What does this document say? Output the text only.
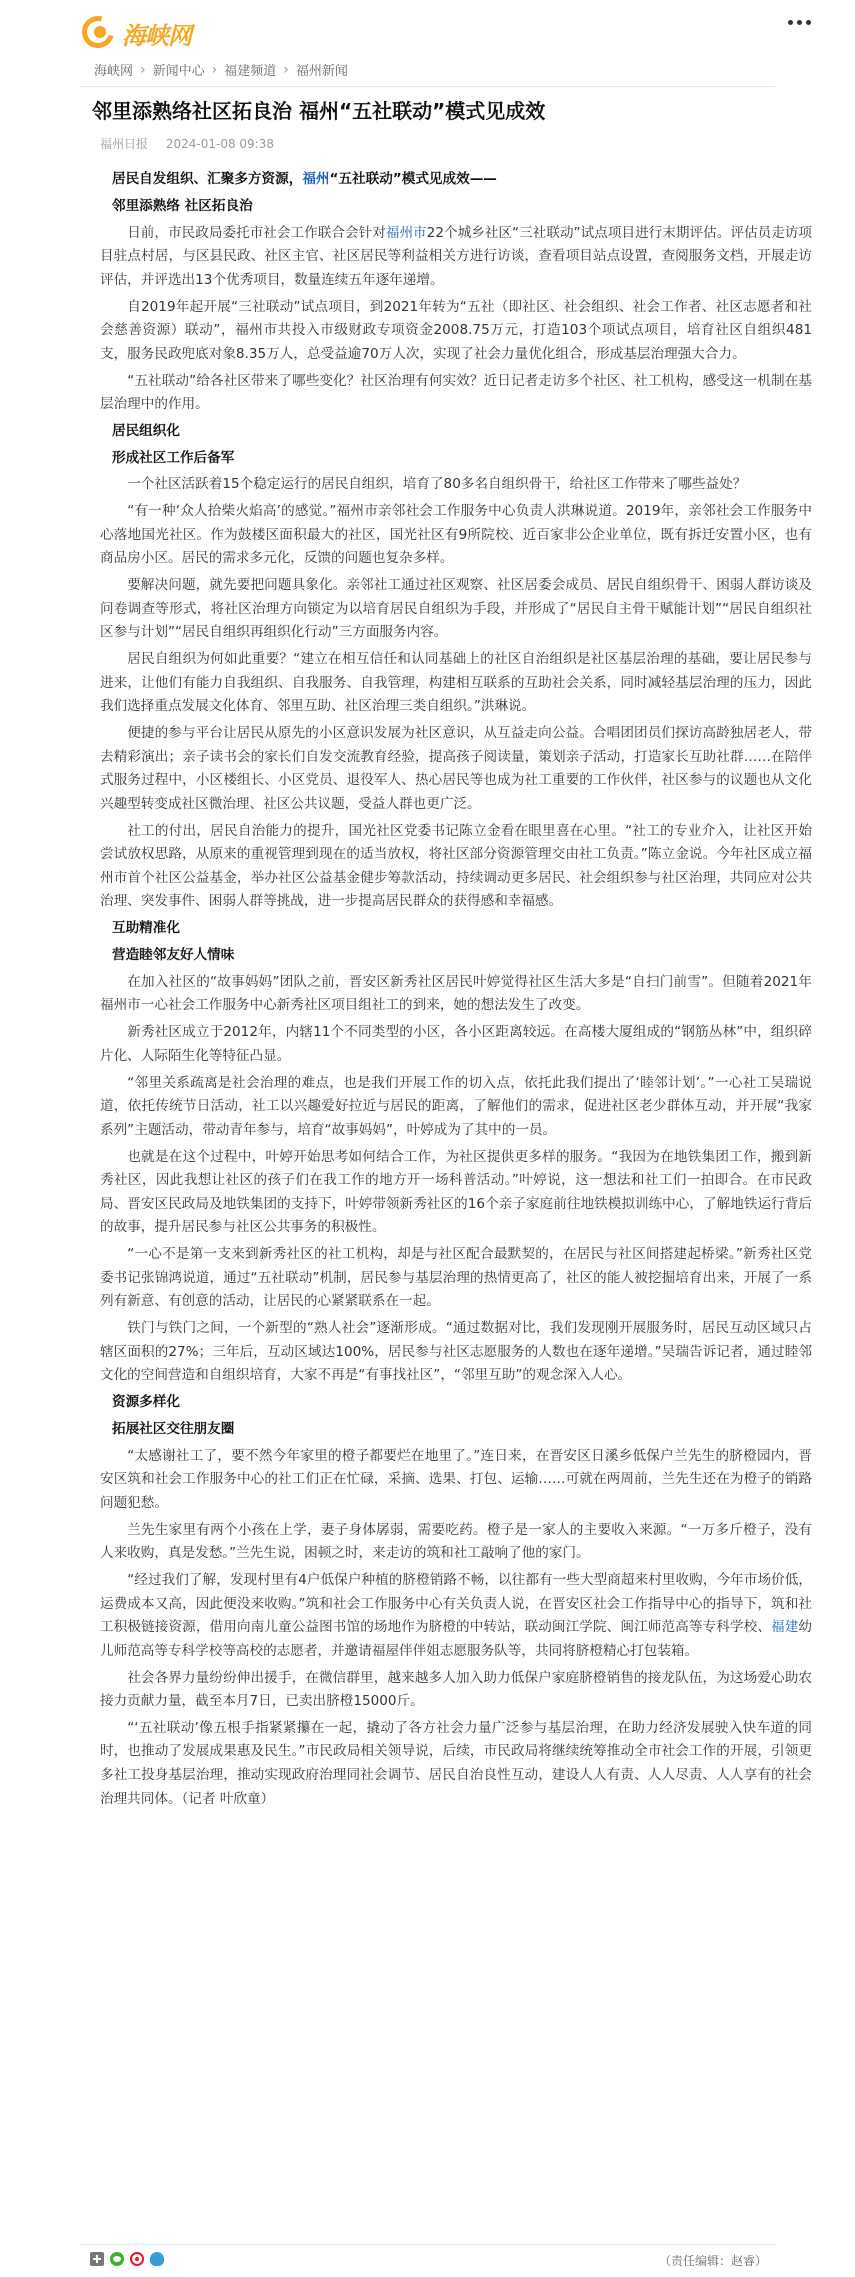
海峡网
海峡网 › 新闻中心 › 福建频道 › 福州新闻
邻里添熟络社区拓良治 福州“五社联动”模式见成效
福州日报 2024-01-08 09:38

居民自发组织、汇聚多方资源，福州“五社联动”模式见成效——

邻里添熟络 社区拓良治

日前，市民政局委托市社会工作联合会针对福州市22个城乡社区“三社联动”试点项目进行末期评估。评估员走访项目驻点村居，与区县民政、社区主官、社区居民等利益相关方进行访谈，查看项目站点设置，查阅服务文档，开展走访评估，并评选出13个优秀项目，数量连续五年逐年递增。

自2019年起开展“三社联动”试点项目，到2021年转为“五社（即社区、社会组织、社会工作者、社区志愿者和社会慈善资源）联动”，福州市共投入市级财政专项资金2008.75万元，打造103个项试点项目，培育社区自组织481支，服务民政兜底对象8.35万人，总受益逾70万人次，实现了社会力量优化组合，形成基层治理强大合力。

“五社联动”给各社区带来了哪些变化？社区治理有何实效？近日记者走访多个社区、社工机构，感受这一机制在基层治理中的作用。

居民组织化

形成社区工作后备军

一个社区活跃着15个稳定运行的居民自组织，培育了80多名自组织骨干，给社区工作带来了哪些益处？

“有一种‘众人拾柴火焰高’的感觉。”福州市亲邻社会工作服务中心负责人洪琳说道。2019年，亲邻社会工作服务中心落地国光社区。作为鼓楼区面积最大的社区，国光社区有9所院校、近百家非公企业单位，既有拆迁安置小区，也有商品房小区。居民的需求多元化，反馈的问题也复杂多样。

要解决问题，就先要把问题具象化。亲邻社工通过社区观察、社区居委会成员、居民自组织骨干、困弱人群访谈及问卷调查等形式，将社区治理方向锁定为以培育居民自组织为手段，并形成了“居民自主骨干赋能计划”“居民自组织社区参与计划”“居民自组织再组织化行动”三方面服务内容。

居民自组织为何如此重要？“建立在相互信任和认同基础上的社区自治组织是社区基层治理的基础，要让居民参与进来，让他们有能力自我组织、自我服务、自我管理，构建相互联系的互助社会关系，同时减轻基层治理的压力，因此我们选择重点发展文化体育、邻里互助、社区治理三类自组织。”洪琳说。

便捷的参与平台让居民从原先的小区意识发展为社区意识，从互益走向公益。合唱团团员们探访高龄独居老人，带去精彩演出；亲子读书会的家长们自发交流教育经验，提高孩子阅读量，策划亲子活动，打造家长互助社群……在陪伴式服务过程中，小区楼组长、小区党员、退役军人、热心居民等也成为社工重要的工作伙伴，社区参与的议题也从文化兴趣型转变成社区微治理、社区公共议题，受益人群也更广泛。

社工的付出，居民自治能力的提升，国光社区党委书记陈立金看在眼里喜在心里。“社工的专业介入，让社区开始尝试放权思路，从原来的重视管理到现在的适当放权，将社区部分资源管理交由社工负责。”陈立金说。今年社区成立福州市首个社区公益基金，举办社区公益基金健步筹款活动，持续调动更多居民、社会组织参与社区治理，共同应对公共治理、突发事件、困弱人群等挑战，进一步提高居民群众的获得感和幸福感。

互助精准化

营造睦邻友好人情味

在加入社区的“故事妈妈”团队之前，晋安区新秀社区居民叶婷觉得社区生活大多是“自扫门前雪”。但随着2021年福州市一心社会工作服务中心新秀社区项目组社工的到来，她的想法发生了改变。

新秀社区成立于2012年，内辖11个不同类型的小区，各小区距离较远。在高楼大厦组成的“钢筋丛林”中，组织碎片化、人际陌生化等特征凸显。

“邻里关系疏离是社会治理的难点，也是我们开展工作的切入点，依托此我们提出了‘睦邻计划’。”一心社工吴瑞说道，依托传统节日活动，社工以兴趣爱好拉近与居民的距离，了解他们的需求，促进社区老少群体互动，并开展“我家系列”主题活动，带动青年参与，培育“故事妈妈”，叶婷成为了其中的一员。

也就是在这个过程中，叶婷开始思考如何结合工作，为社区提供更多样的服务。“我因为在地铁集团工作，搬到新秀社区，因此我想让社区的孩子们在我工作的地方开一场科普活动。”叶婷说，这一想法和社工们一拍即合。在市民政局、晋安区民政局及地铁集团的支持下，叶婷带领新秀社区的16个亲子家庭前往地铁模拟训练中心，了解地铁运行背后的故事，提升居民参与社区公共事务的积极性。

“一心不是第一支来到新秀社区的社工机构，却是与社区配合最默契的，在居民与社区间搭建起桥梁。”新秀社区党委书记张锦鸿说道，通过“五社联动”机制，居民参与基层治理的热情更高了，社区的能人被挖掘培育出来，开展了一系列有新意、有创意的活动，让居民的心紧紧联系在一起。

铁门与铁门之间，一个新型的“熟人社会”逐渐形成。“通过数据对比，我们发现刚开展服务时，居民互动区域只占辖区面积的27%；三年后，互动区域达100%，居民参与社区志愿服务的人数也在逐年递增。”吴瑞告诉记者，通过睦邻文化的空间营造和自组织培育，大家不再是“有事找社区”，“邻里互助”的观念深入人心。

资源多样化

拓展社区交往朋友圈

“太感谢社工了，要不然今年家里的橙子都要烂在地里了。”连日来，在晋安区日溪乡低保户兰先生的脐橙园内，晋安区筑和社会工作服务中心的社工们正在忙碌，采摘、选果、打包、运输……可就在两周前，兰先生还在为橙子的销路问题犯愁。

兰先生家里有两个小孩在上学，妻子身体孱弱，需要吃药。橙子是一家人的主要收入来源。“一万多斤橙子，没有人来收购，真是发愁。”兰先生说，困顿之时，来走访的筑和社工敲响了他的家门。

“经过我们了解，发现村里有4户低保户种植的脐橙销路不畅，以往都有一些大型商超来村里收购，今年市场价低，运费成本又高，因此便没来收购。”筑和社会工作服务中心有关负责人说，在晋安区社会工作指导中心的指导下，筑和社工积极链接资源，借用向南儿童公益图书馆的场地作为脐橙的中转站，联动闽江学院、闽江师范高等专科学校、福建幼儿师范高等专科学校等高校的志愿者，并邀请福屋伴伴姐志愿服务队等，共同将脐橙精心打包装箱。

社会各界力量纷纷伸出援手，在微信群里，越来越多人加入助力低保户家庭脐橙销售的接龙队伍，为这场爱心助农接力贡献力量，截至本月7日，已卖出脐橙15000斤。

“‘五社联动’像五根手指紧紧攥在一起，撬动了各方社会力量广泛参与基层治理，在助力经济发展驶入快车道的同时，也推动了发展成果惠及民生。”市民政局相关领导说，后续，市民政局将继续统筹推动全市社会工作的开展，引领更多社工投身基层治理，推动实现政府治理同社会调节、居民自治良性互动，建设人人有责、人人尽责、人人享有的社会治理共同体。（记者 叶欣童）

（责任编辑：赵睿）
